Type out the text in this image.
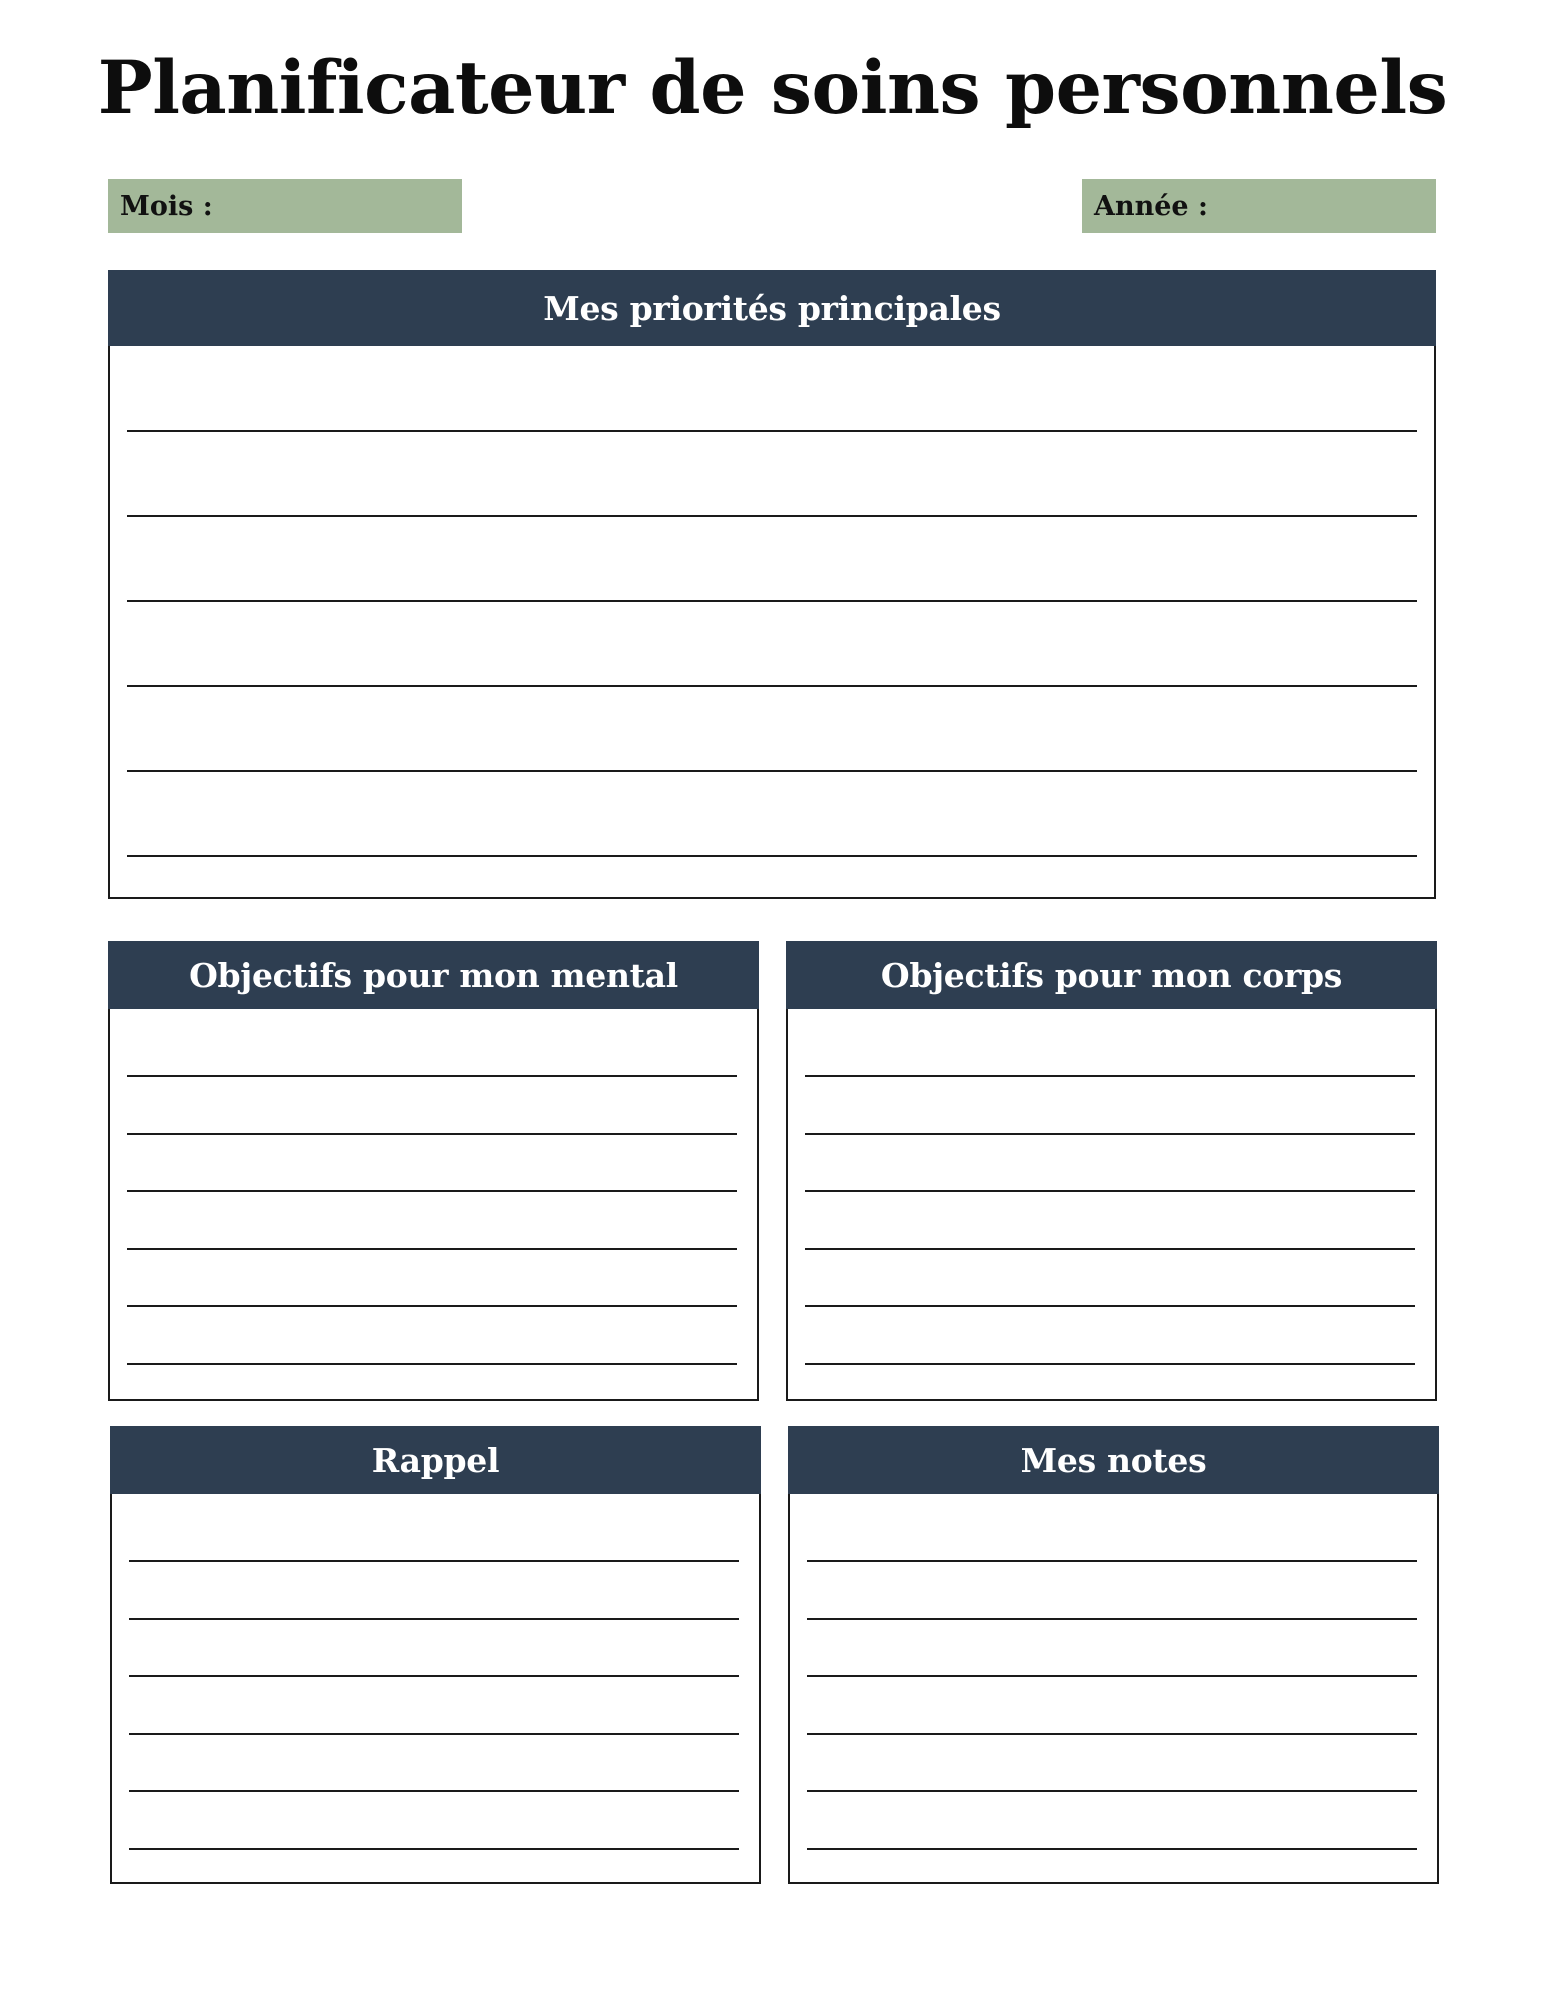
Planificateur de soins personnels
Mois :	Année :
Mes priorités principales
Objectifs pour mon mental	Objectifs pour mon corps
Rappel	Mes notes
